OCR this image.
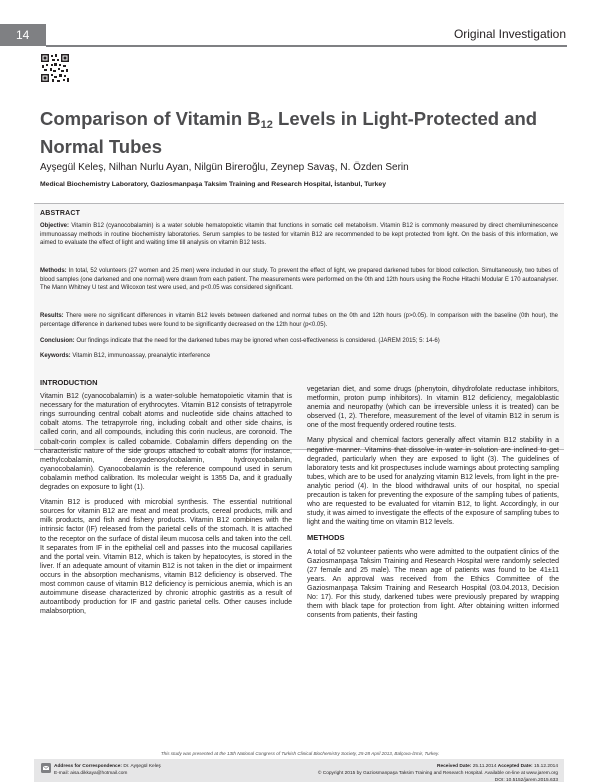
14	Original Investigation
Comparison of Vitamin $B_{12}$ Levels in Light-Protected and Normal Tubes
Ayşegül Keleş, Nilhan Nurlu Ayan, Nilgün Bireroğlu, Zeynep Savaş, N. Özden Serin
Medical Biochemistry Laboratory, Gaziosmanpaşa Taksim Training and Research Hospital, İstanbul, Turkey
ABSTRACT
Objective: Vitamin B12 (cyanocobalamin) is a water soluble hematopoietic vitamin that functions in somatic cell metabolism. Vitamin B12 is commonly measured by direct chemiluminescence immunoassay methods in routine biochemistry laboratories. Serum samples to be tested for vitamin B12 are recommended to be kept protected from light. On the basis of this information, we aimed to evaluate the effect of light and waiting time till analysis on vitamin B12 tests.
Methods: In total, 52 volunteers (27 women and 25 men) were included in our study. To prevent the effect of light, we prepared darkened tubes for blood collection. Simultaneously, two tubes of blood samples (one darkened and one normal) were drawn from each patient. The measurements were performed on the 0th and 12th hours using the Roche Hitachi Modular E 170 autoanalyser. The Mann Whitney U test and Wilcoxon test were used, and p<0.05 was considered significant.
Results: There were no significant differences in vitamin B12 levels between darkened and normal tubes on the 0th and 12th hours (p>0.05). In comparison with the baseline (0th hour), the percentage difference in darkened tubes were found to be significantly decreased on the 12th hour (p<0.05).
Conclusion: Our findings indicate that the need for the darkened tubes may be ignored when cost-effectiveness is considered. (JAREM 2015; 5: 14-6)
Keywords: Vitamin B12, immunoassay, preanalytic interference
INTRODUCTION

Vitamin B12 (cyanocobalamin) is a water-soluble hematopoietic vitamin that is necessary for the maturation of erythrocytes. Vitamin B12 consists of tetrapyrrole rings surrounding central cobalt atoms and nucleotide side chains attached to cobalt atoms. The tetrapyrrole ring, including cobalt and other side chains, is called corin, and all compounds, including this corin nucleus, are coronoid. The cobalt-corin complex is called cobamide. Cobalamin differs depending on the characteristic nature of the side groups attached to cobalt atoms (for instance, methylcobalamin, deoxyadenosylcobalamin, hydroxycobalamin, cyanocobalamin). Cyanocobalamin is the reference compound used in serum cobalamin method calibration. Its molecular weight is 1355 Da, and it gradually degrades on exposure to light (1).

Vitamin B12 is produced with microbial synthesis. The essential nutritional sources for vitamin B12 are meat and meat products, cereal products, milk and milk products, and fish and fishery products. Vitamin B12 combines with the intrinsic factor (IF) released from the parietal cells of the stomach. It is attached to the receptor on the surface of distal ileum mucosa cells and taken into the cell. It separates from IF in the epithelial cell and passes into the mucosal capillaries and the portal vein. Vitamin B12, which is taken by hepatocytes, is stored in the liver. If an adequate amount of vitamin B12 is not taken in the diet or impairment occurs in the absorption mechanisms, vitamin B12 deficiency is observed. The most common cause of vitamin B12 deficiency is pernicious anemia, which is an autoimmune disease characterized by chronic atrophic gastritis as a result of autoantibody production for IF and gastric parietal cells. Other causes include malabsorption,

vegetarian diet, and some drugs (phenytoin, dihydrofolate reductase inhibitors, metformin, proton pump inhibitors). In vitamin B12 deficiency, megaloblastic anemia and neuropathy (which can be irreversible unless it is treated) can be observed (1, 2). Therefore, measurement of the level of vitamin B12 in serum is one of the most frequently ordered routine tests.

Many physical and chemical factors generally affect vitamin B12 stability in a negative manner. Vitamins that dissolve in water in solution are inclined to get degraded, particularly when they are exposed to light (3). The guidelines of laboratory tests and kit prospectuses include warnings about protecting sampling tubes, which are to be used for analyzing vitamin B12 levels, from light in the pre-analytic period (4). In the blood withdrawal units of our hospital, no special precaution is taken for preventing the exposure of the sampling tubes of patients, who are requested to be evaluated for vitamin B12, to light. Accordingly, in our study, it was aimed to investigate the effects of the exposure of sampling tubes to light and the waiting time on vitamin B12 levels.

METHODS

A total of 52 volunteer patients who were admitted to the outpatient clinics of the Gaziosmanpaşa Taksim Training and Research Hospital were randomly selected (27 female and 25 male). The mean age of patients was found to be 41±11 years. An approval was received from the Ethics Committee of the Gaziosmanpaşa Taksim Training and Research Hospital (03.04.2013, Decision No: 17). For this study, darkened tubes were previously prepared by wrapping them with black tape for protection from light. After obtaining written informed consents from patients, their fasting

This study was presented at the 13th National Congress of Turkish Clinical Biochemistry Society, 25-28 April 2013, Balçova-İzmir, Turkey.
Address for Correspondence: Dr. Ayşegül Keleş
E-mail: aisa.dikkaya@hotmail.com
Received Date: 25.11.2014 Accepted Date: 15.12.2014
© Copyright 2015 by Gaziosmanpaşa Taksim Training and Research Hospital. Available on-line at www.jarem.org
DOI: 10.5152/jarem.2015.633
